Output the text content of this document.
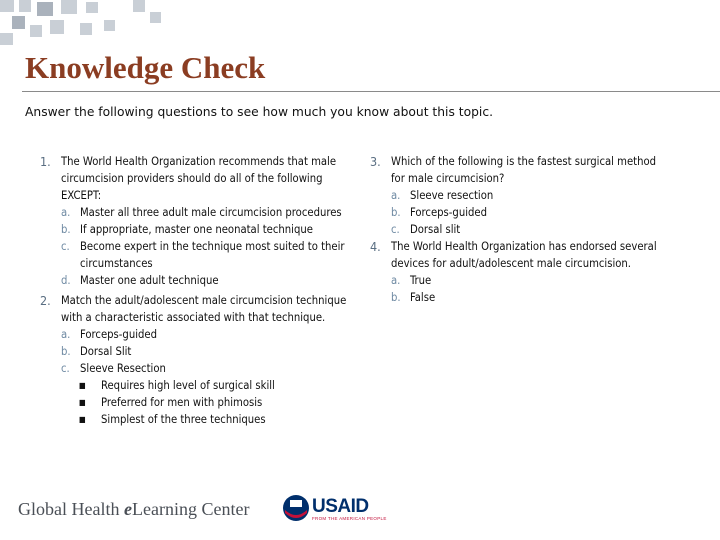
Knowledge Check
Answer the following questions to see how much you know about this topic.
1. The World Health Organization recommends that male circumcision providers should do all of the following EXCEPT:
a. Master all three adult male circumcision procedures
b. If appropriate, master one neonatal technique
c. Become expert in the technique most suited to their circumstances
d. Master one adult technique
2. Match the adult/adolescent male circumcision technique with a characteristic associated with that technique.
a. Forceps-guided
b. Dorsal Slit
c. Sleeve Resection
■ Requires high level of surgical skill
■ Preferred for men with phimosis
■ Simplest of the three techniques
3. Which of the following is the fastest surgical method for male circumcision?
a. Sleeve resection
b. Forceps-guided
c. Dorsal slit
4. The World Health Organization has endorsed several devices for adult/adolescent male circumcision.
a. True
b. False
Global Health eLearning Center	USAID
FROM THE AMERICAN PEOPLE
